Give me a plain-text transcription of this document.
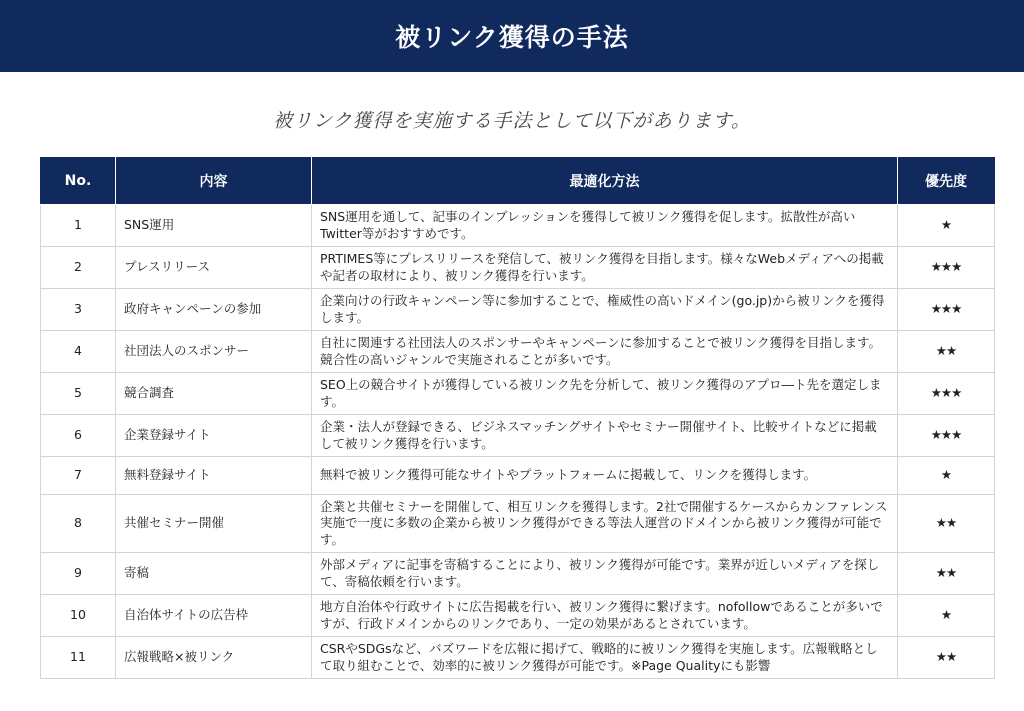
被リンク獲得の手法
被リンク獲得を実施する手法として以下があります。
No.	内容	最適化方法	優先度
1	SNS運用	SNS運用を通して、記事のインプレッションを獲得して被リンク獲得を促します。拡散性が高いTwitter等がおすすめです。	★
2	プレスリリース	PRTIMES等にプレスリリースを発信して、被リンク獲得を目指します。様々なWebメディアへの掲載や記者の取材により、被リンク獲得を行います。	★★★
3	政府キャンペーンの参加	企業向けの行政キャンペーン等に参加することで、権威性の高いドメイン(go.jp)から被リンクを獲得します。	★★★
4	社団法人のスポンサー	自社に関連する社団法人のスポンサーやキャンペーンに参加することで被リンク獲得を目指します。競合性の高いジャンルで実施されることが多いです。	★★
5	競合調査	SEO上の競合サイトが獲得している被リンク先を分析して、被リンク獲得のアプロ―ト先を選定します。	★★★
6	企業登録サイト	企業・法人が登録できる、ビジネスマッチングサイトやセミナー開催サイト、比較サイトなどに掲載して被リンク獲得を行います。	★★★
7	無料登録サイト	無料で被リンク獲得可能なサイトやプラットフォームに掲載して、リンクを獲得します。	★
8	共催セミナー開催	企業と共催セミナーを開催して、相互リンクを獲得します。2社で開催するケースからカンファレンス実施で一度に多数の企業から被リンク獲得ができる等法人運営のドメインから被リンク獲得が可能です。	★★
9	寄稿	外部メディアに記事を寄稿することにより、被リンク獲得が可能です。業界が近しいメディアを探して、寄稿依頼を行います。	★★
10	自治体サイトの広告枠	地方自治体や行政サイトに広告掲載を行い、被リンク獲得に繋げます。nofollowであることが多いですが、行政ドメインからのリンクであり、一定の効果があるとされています。	★
11	広報戦略×被リンク	CSRやSDGsなど、バズワードを広報に掲げて、戦略的に被リンク獲得を実施します。広報戦略として取り組むことで、効率的に被リンク獲得が可能です。※Page Qualityにも影響	★★
